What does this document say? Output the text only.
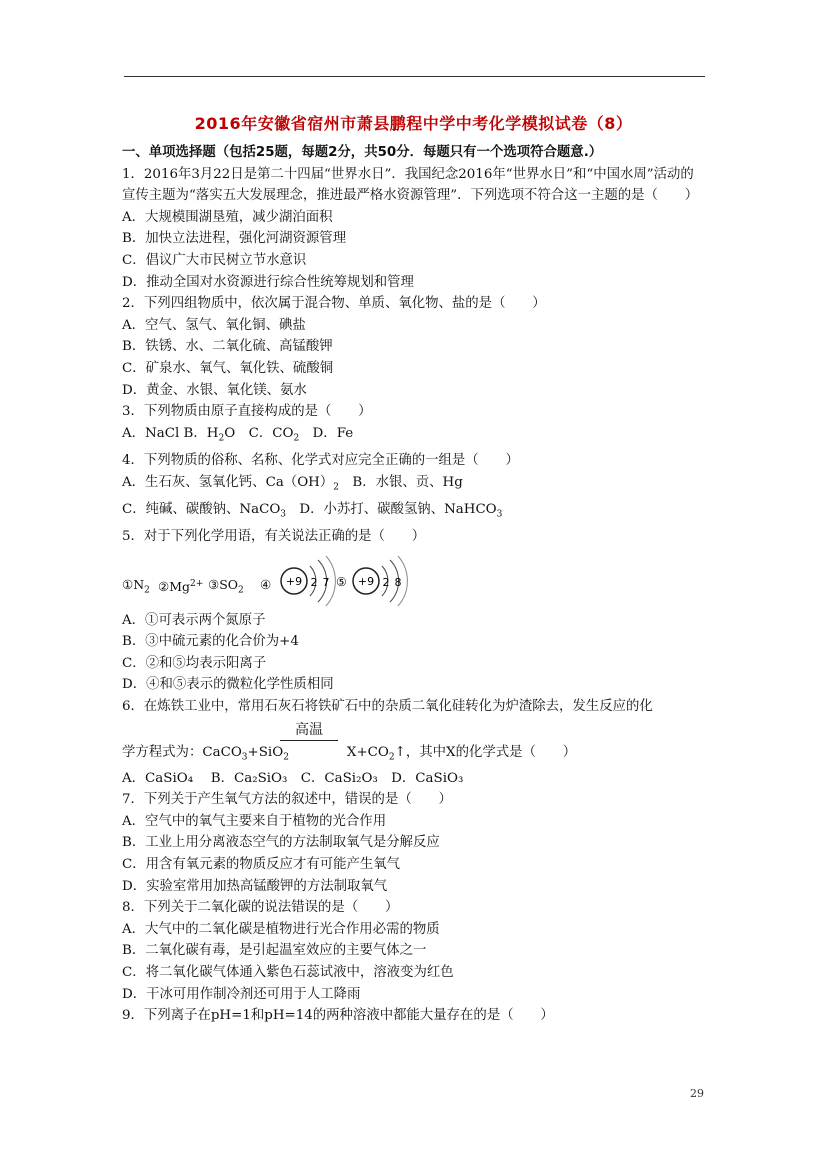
2016年安徽省宿州市萧县鹏程中学中考化学模拟试卷（8）
一、单项选择题（包括25题，每题2分，共50分．每题只有一个选项符合题意.）
1．2016年3月22日是第二十四届“世界水日”．我国纪念2016年“世界水日”和“中国水周”活动的宣传主题为“落实五大发展理念，推进最严格水资源管理”．下列选项不符合这一主题的是（　　）
A．大规模围湖垦殖，减少湖泊面积
B．加快立法进程，强化河湖资源管理
C．倡议广大市民树立节水意识
D．推动全国对水资源进行综合性统筹规划和管理
2．下列四组物质中，依次属于混合物、单质、氧化物、盐的是（　　）
A．空气、氢气、氧化铜、碘盐
B．铁锈、水、二氧化硫、高锰酸钾
C．矿泉水、氧气、氧化铁、硫酸铜
D．黄金、水银、氧化镁、氨水
3．下列物质由原子直接构成的是（　　）
A．NaCl B．$H_2O$　C．$CO_2$　D．Fe
4．下列物质的俗称、名称、化学式对应完全正确的一组是（　　）
A．生石灰、氢氧化钙、$Ca(OH)_2$　B．水银、贡、Hg
C．纯碱、碳酸钠、NaCO$_3$　D．小苏打、碳酸氢钠、NaHCO$_3$
5．对于下列化学用语，有关说法正确的是（　　）
$①N_2$ $②Mg^{2+}$ $③SO_2$ ④ +9 2 7 ⑤ +9 2 8
A．①可表示两个氮原子
B．③中硫元素的化合价为+4
C．②和⑤均表示阳离子
D．④和⑤表示的微粒化学性质相同
6．在炼铁工业中，常用石灰石将铁矿石中的杂质二氧化硅转化为炉渣除去，发生反应的化
高温
学方程式为：CaCO$_3$+SiO$_2$	$X+CO_2↑$，其中X的化学式是（　　）
A．CaSiO₄　 B．Ca₂SiO₃　C．CaSi₂O₃　D．CaSiO₃
7．下列关于产生氧气方法的叙述中，错误的是（　　）
A．空气中的氧气主要来自于植物的光合作用
B．工业上用分离液态空气的方法制取氧气是分解反应
C．用含有氧元素的物质反应才有可能产生氧气
D．实验室常用加热高锰酸钾的方法制取氧气
8．下列关于二氧化碳的说法错误的是（　　）
A．大气中的二氧化碳是植物进行光合作用必需的物质
B．二氧化碳有毒，是引起温室效应的主要气体之一
C．将二氧化碳气体通入紫色石蕊试液中，溶液变为红色
D．干冰可用作制冷剂还可用于人工降雨
9．下列离子在pH=1和pH=14的两种溶液中都能大量存在的是（　　）
29
